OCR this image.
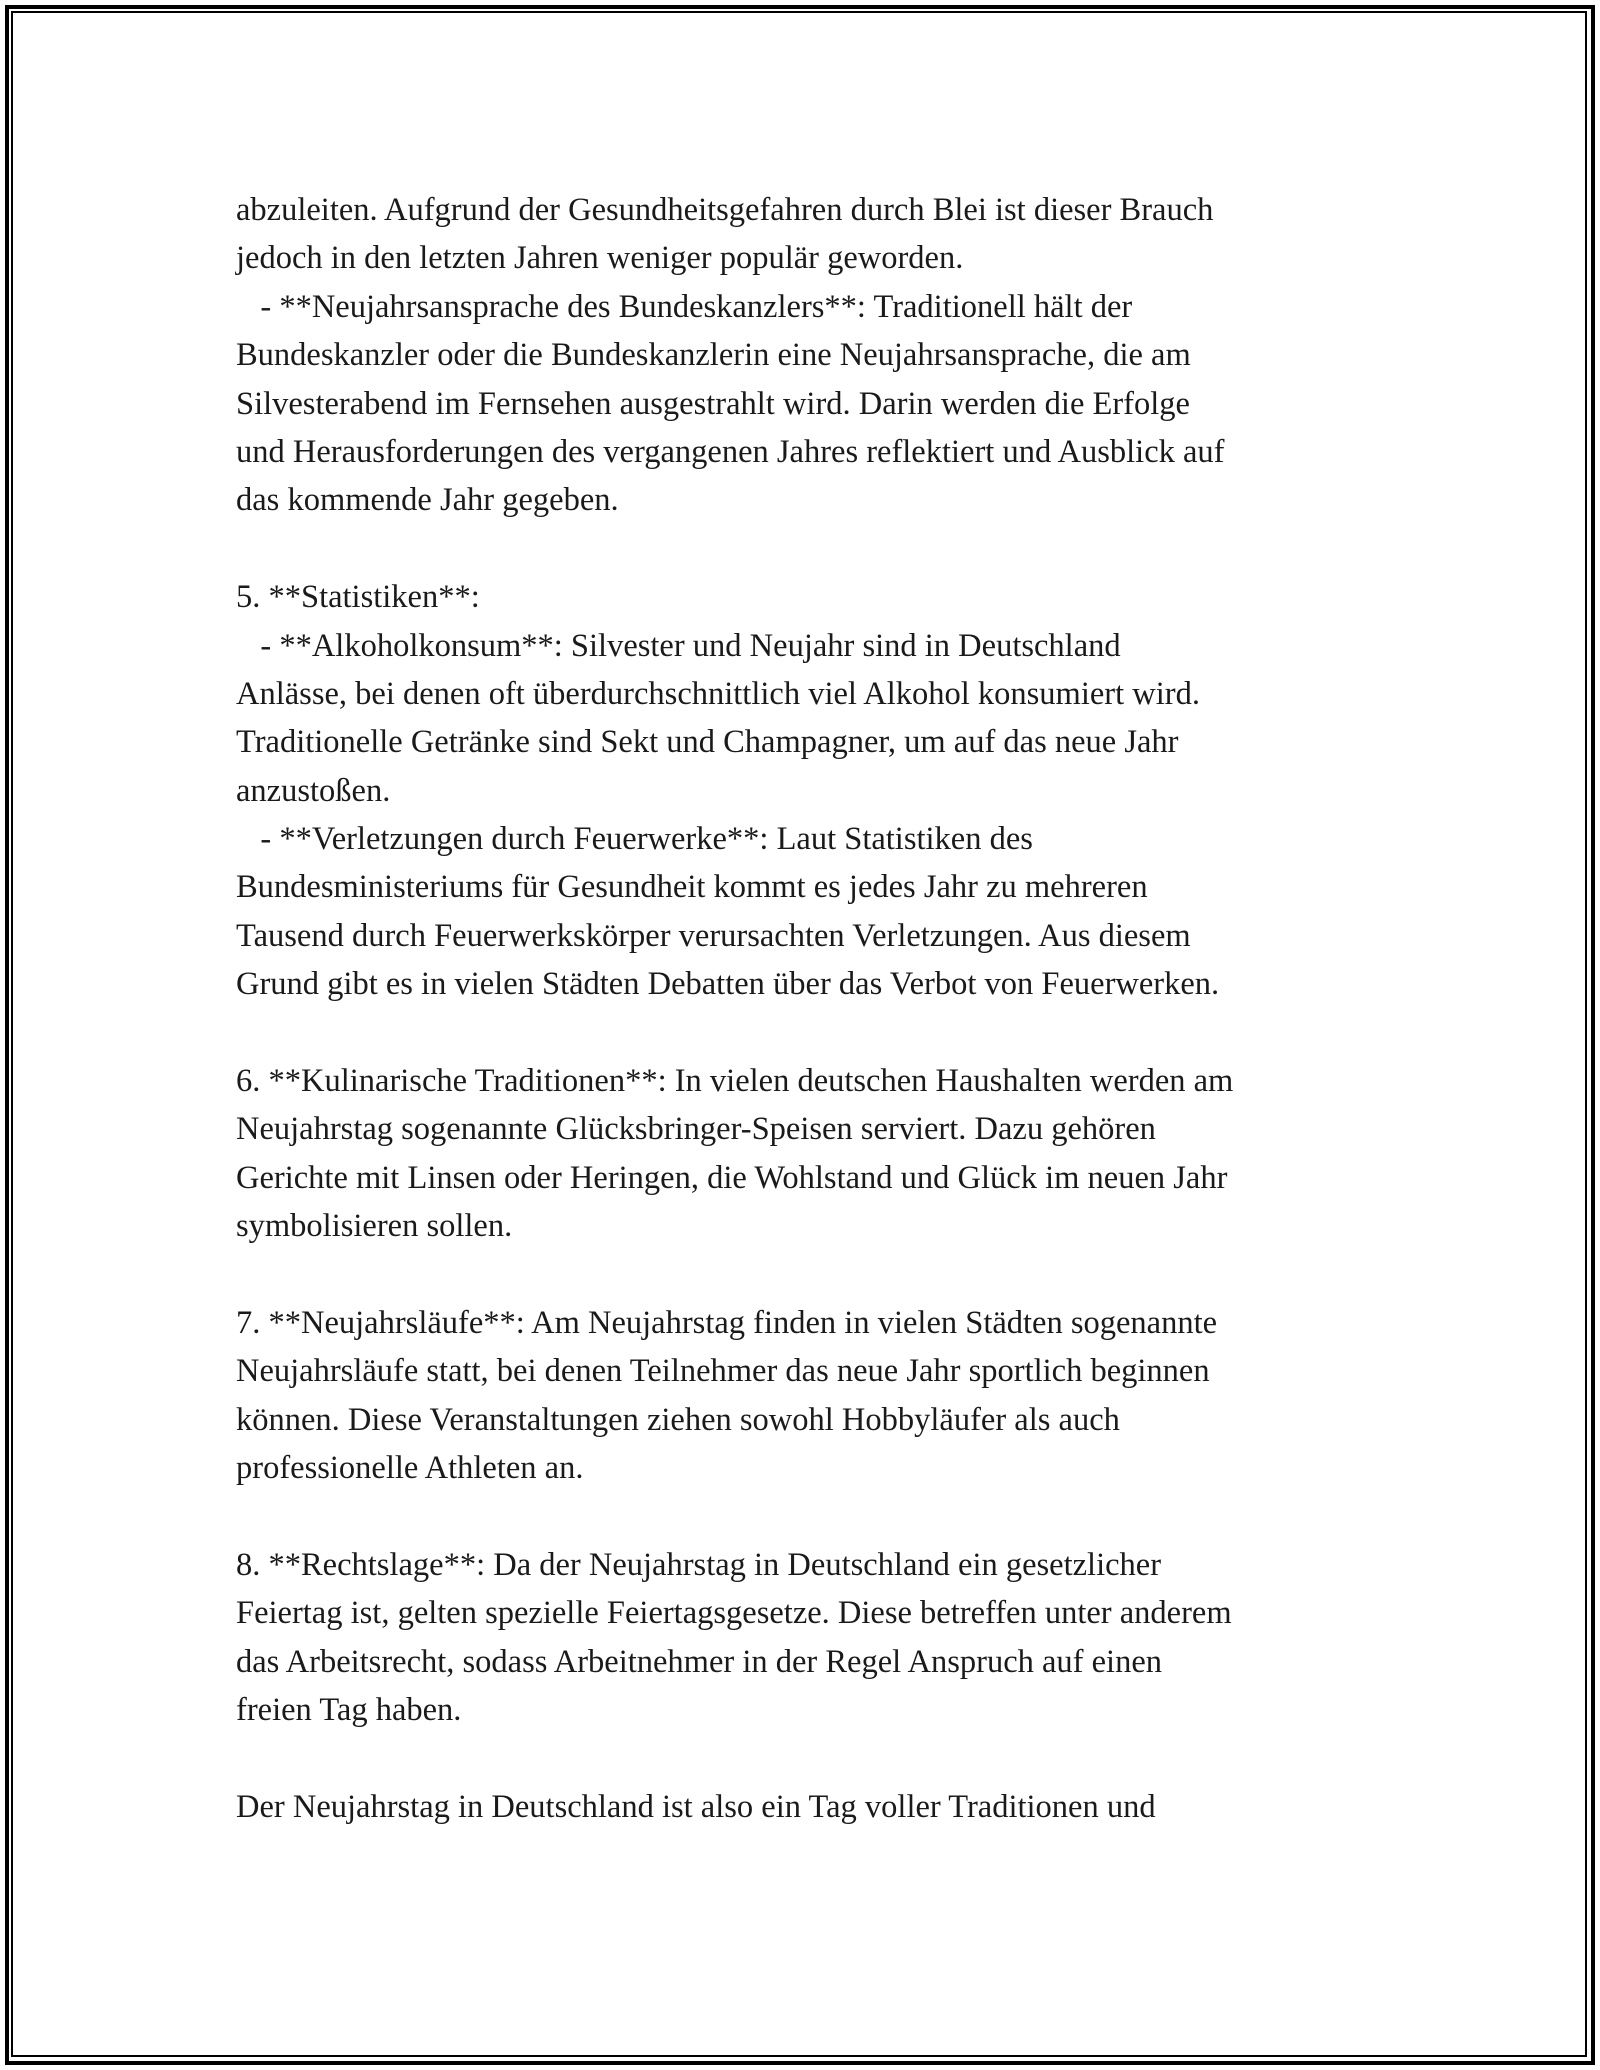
abzuleiten. Aufgrund der Gesundheitsgefahren durch Blei ist dieser Brauch
jedoch in den letzten Jahren weniger populär geworden.
- **Neujahrsansprache des Bundeskanzlers**: Traditionell hält der
Bundeskanzler oder die Bundeskanzlerin eine Neujahrsansprache, die am
Silvesterabend im Fernsehen ausgestrahlt wird. Darin werden die Erfolge
und Herausforderungen des vergangenen Jahres reflektiert und Ausblick auf
das kommende Jahr gegeben.
5. **Statistiken**:
- **Alkoholkonsum**: Silvester und Neujahr sind in Deutschland
Anlässe, bei denen oft überdurchschnittlich viel Alkohol konsumiert wird.
Traditionelle Getränke sind Sekt und Champagner, um auf das neue Jahr
anzustoßen.
- **Verletzungen durch Feuerwerke**: Laut Statistiken des
Bundesministeriums für Gesundheit kommt es jedes Jahr zu mehreren
Tausend durch Feuerwerkskörper verursachten Verletzungen. Aus diesem
Grund gibt es in vielen Städten Debatten über das Verbot von Feuerwerken.
6. **Kulinarische Traditionen**: In vielen deutschen Haushalten werden am
Neujahrstag sogenannte Glücksbringer-Speisen serviert. Dazu gehören
Gerichte mit Linsen oder Heringen, die Wohlstand und Glück im neuen Jahr
symbolisieren sollen.
7. **Neujahrsläufe**: Am Neujahrstag finden in vielen Städten sogenannte
Neujahrsläufe statt, bei denen Teilnehmer das neue Jahr sportlich beginnen
können. Diese Veranstaltungen ziehen sowohl Hobbyläufer als auch
professionelle Athleten an.
8. **Rechtslage**: Da der Neujahrstag in Deutschland ein gesetzlicher
Feiertag ist, gelten spezielle Feiertagsgesetze. Diese betreffen unter anderem
das Arbeitsrecht, sodass Arbeitnehmer in der Regel Anspruch auf einen
freien Tag haben.
Der Neujahrstag in Deutschland ist also ein Tag voller Traditionen und
